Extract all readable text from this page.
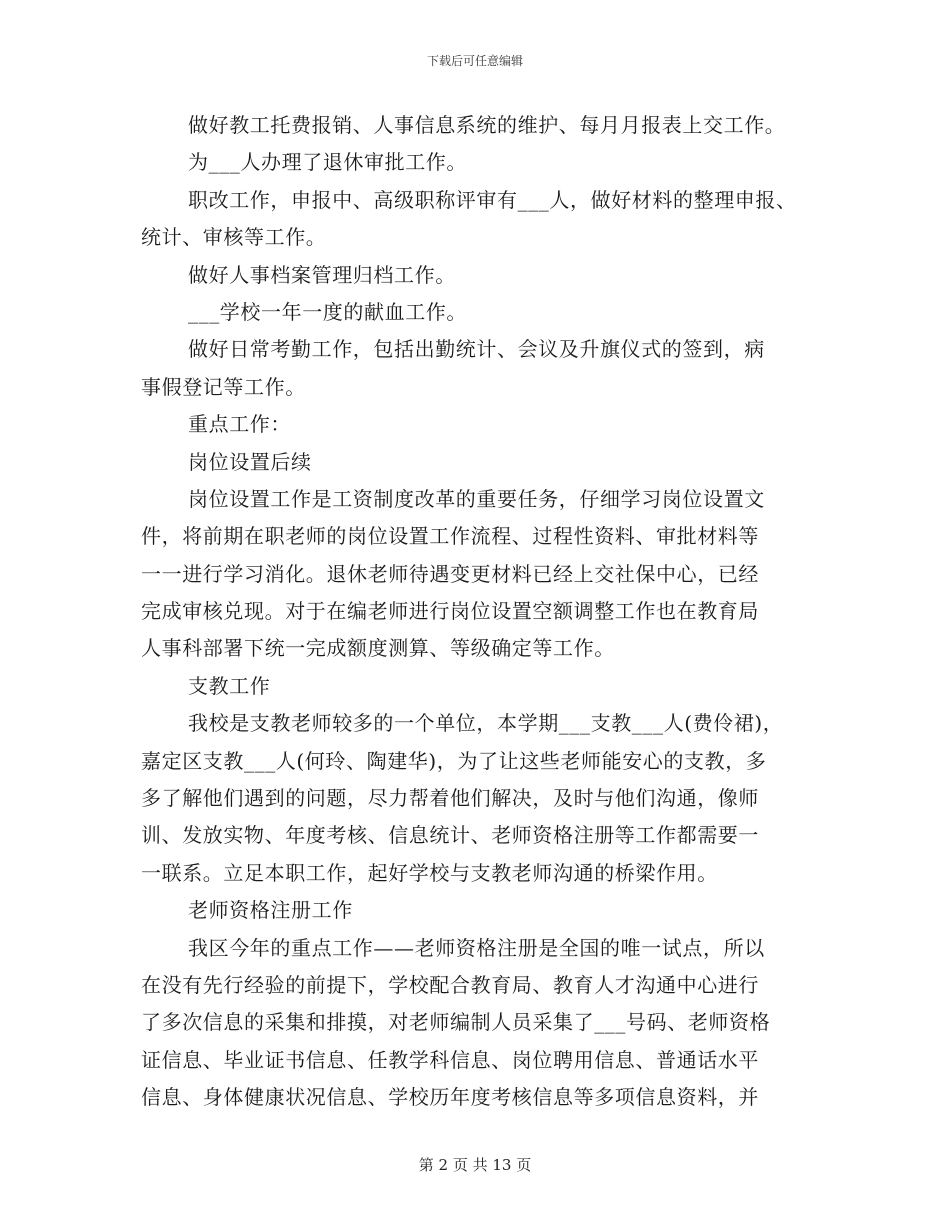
下载后可任意编辑
做好教工托费报销、人事信息系统的维护、每月月报表上交工作。
为___人办理了退休审批工作。
职改工作，申报中、高级职称评审有___人，做好材料的整理申报、
统计、审核等工作。
做好人事档案管理归档工作。
___学校一年一度的献血工作。
做好日常考勤工作，包括出勤统计、会议及升旗仪式的签到，病
事假登记等工作。
重点工作：
岗位设置后续
岗位设置工作是工资制度改革的重要任务，仔细学习岗位设置文
件，将前期在职老师的岗位设置工作流程、过程性资料、审批材料等
一一进行学习消化。退休老师待遇变更材料已经上交社保中心，已经
完成审核兑现。对于在编老师进行岗位设置空额调整工作也在教育局
人事科部署下统一完成额度测算、等级确定等工作。
支教工作
我校是支教老师较多的一个单位，本学期___支教___人(费伶裙)，
嘉定区支教___人(何玲、陶建华)，为了让这些老师能安心的支教，多
多了解他们遇到的问题，尽力帮着他们解决，及时与他们沟通，像师
训、发放实物、年度考核、信息统计、老师资格注册等工作都需要一
一联系。立足本职工作，起好学校与支教老师沟通的桥梁作用。
老师资格注册工作
我区今年的重点工作——老师资格注册是全国的唯一试点，所以
在没有先行经验的前提下，学校配合教育局、教育人才沟通中心进行
了多次信息的采集和排摸，对老师编制人员采集了___号码、老师资格
证信息、毕业证书信息、任教学科信息、岗位聘用信息、普通话水平
信息、身体健康状况信息、学校历年度考核信息等多项信息资料，并
第 2 页 共 13 页
